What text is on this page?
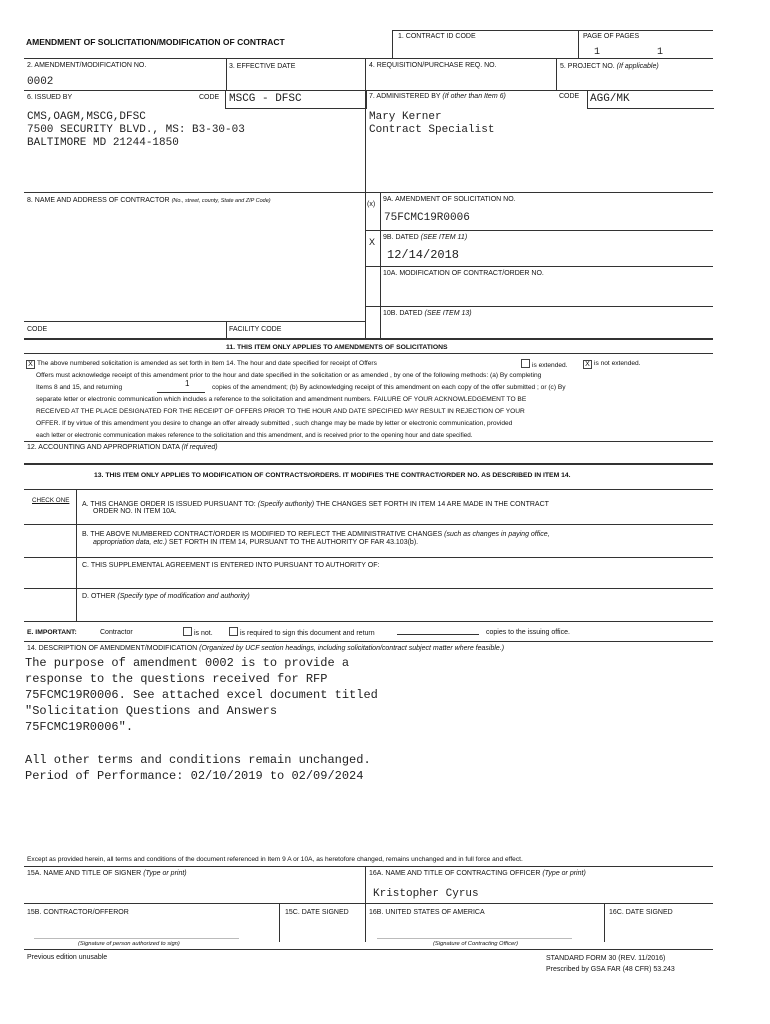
AMENDMENT OF SOLICITATION/MODIFICATION OF CONTRACT
1. CONTRACT ID CODE	PAGE OF PAGES
1	1
2. AMENDMENT/MODIFICATION NO.
0002
3. EFFECTIVE DATE	4. REQUISITION/PURCHASE REQ. NO.	5. PROJECT NO. (If applicable)
6. ISSUED BY	CODE MSCG - DFSC
CMS,OAGM,MSCG,DFSC
7500 SECURITY BLVD., MS: B3-30-03
BALTIMORE MD 21244-1850
7. ADMINISTERED BY (If other than Item 6)	CODE AGG/MK
Mary Kerner
Contract Specialist
8. NAME AND ADDRESS OF CONTRACTOR (No., street, county, State and ZIP Code)	(x)
9A. AMENDMENT OF SOLICITATION NO.
75FCMC19R0006
X 9B. DATED (SEE ITEM 11)
12/14/2018
10A. MODIFICATION OF CONTRACT/ORDER NO.
10B. DATED (SEE ITEM 13)
CODE	FACILITY CODE
11. THIS ITEM ONLY APPLIES TO AMENDMENTS OF SOLICITATIONS
X The above numbered solicitation is amended as set forth in Item 14. The hour and date specified for receipt of Offers	is extended.	X is not extended.
Offers must acknowledge receipt of this amendment prior to the hour and date specified in the solicitation or as amended , by one of the following methods: (a) By completing
Items 8 and 15, and returning	1	copies of the amendment; (b) By acknowledging receipt of this amendment on each copy of the offer submitted ; or (c) By
separate letter or electronic communication which includes a reference to the solicitation and amendment numbers. FAILURE OF YOUR ACKNOWLEDGEMENT TO BE
RECEIVED AT THE PLACE DESIGNATED FOR THE RECEIPT OF OFFERS PRIOR TO THE HOUR AND DATE SPECIFIED MAY RESULT IN REJECTION OF YOUR
OFFER. If by virtue of this amendment you desire to change an offer already submitted , such change may be made by letter or electronic communication, provided
each letter or electronic communication makes reference to the solicitation and this amendment, and is received prior to the opening hour and date specified.
12. ACCOUNTING AND APPROPRIATION DATA (If required)
13. THIS ITEM ONLY APPLIES TO MODIFICATION OF CONTRACTS/ORDERS. IT MODIFIES THE CONTRACT/ORDER NO. AS DESCRIBED IN ITEM 14.
CHECK ONE
A. THIS CHANGE ORDER IS ISSUED PURSUANT TO: (Specify authority) THE CHANGES SET FORTH IN ITEM 14 ARE MADE IN THE CONTRACT
ORDER NO. IN ITEM 10A.
B. THE ABOVE NUMBERED CONTRACT/ORDER IS MODIFIED TO REFLECT THE ADMINISTRATIVE CHANGES (such as changes in paying office,
appropriation data, etc.) SET FORTH IN ITEM 14, PURSUANT TO THE AUTHORITY OF FAR 43.103(b).
C. THIS SUPPLEMENTAL AGREEMENT IS ENTERED INTO PURSUANT TO AUTHORITY OF:
D. OTHER (Specify type of modification and authority)
E. IMPORTANT:	Contractor	is not.	is required to sign this document and return	copies to the issuing office.
14. DESCRIPTION OF AMENDMENT/MODIFICATION (Organized by UCF section headings, including solicitation/contract subject matter where feasible.)
The purpose of amendment 0002 is to provide a
response to the questions received for RFP
75FCMC19R0006. See attached excel document titled
"Solicitation Questions and Answers
75FCMC19R0006".
All other terms and conditions remain unchanged.
Period of Performance: 02/10/2019 to 02/09/2024
Except as provided herein, all terms and conditions of the document referenced in Item 9 A or 10A, as heretofore changed, remains unchanged and in full force and effect.
15A. NAME AND TITLE OF SIGNER (Type or print)	16A. NAME AND TITLE OF CONTRACTING OFFICER (Type or print)
Kristopher Cyrus
15B. CONTRACTOR/OFFEROR	15C. DATE SIGNED	16B. UNITED STATES OF AMERICA	16C. DATE SIGNED
(Signature of person authorized to sign)	(Signature of Contracting Officer)
Previous edition unusable	STANDARD FORM 30 (REV. 11/2016)
Prescribed by GSA FAR (48 CFR) 53.243
